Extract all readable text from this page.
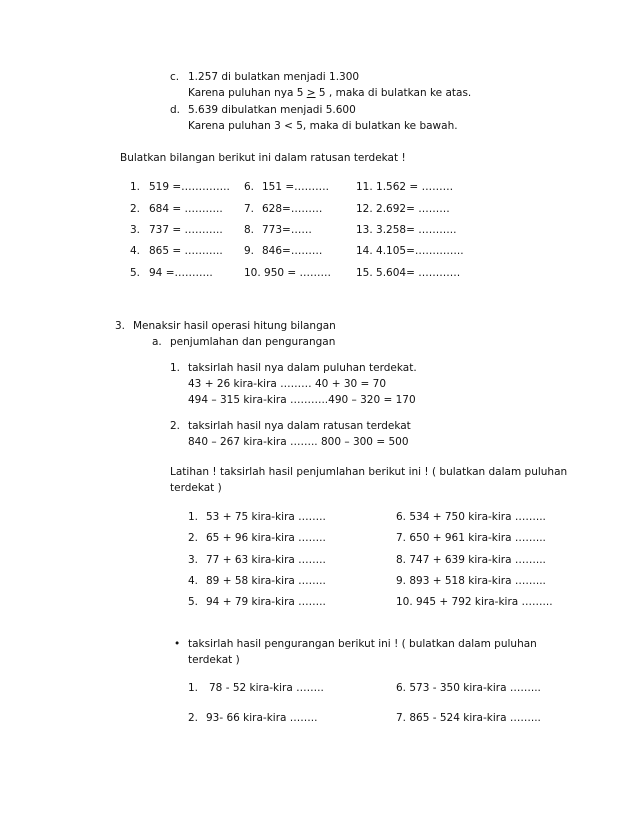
c. 1.257 di bulatkan menjadi 1.300
Karena puluhan nya 5 ≥ 5 , maka di bulatkan ke atas.
d. 5.639 dibulatkan menjadi 5.600
Karena puluhan 3 < 5, maka di bulatkan ke bawah.
Bulatkan bilangan berikut ini dalam ratusan terdekat !
1. 519 =………….. 6. 151 =……….	11. 1.562 = ………
2. 684 = ……….. 7. 628=………	12. 2.692= ………
3. 737 = ……….. 8. 773=……	13. 3.258= ………..
4. 865 = ……….. 9. 846=………	14. 4.105=…………..
5. 94 =………..	10. 950 = ……… 15. 5.604= …………
3. Menaksir hasil operasi hitung bilangan
a. penjumlahan dan pengurangan
1. taksirlah hasil nya dalam puluhan terdekat.
43 + 26 kira-kira ……… 40 + 30 = 70
494 – 315 kira-kira ………..490 – 320 = 170
2. taksirlah hasil nya dalam ratusan terdekat
840 – 267 kira-kira …….. 800 – 300 = 500
Latihan ! taksirlah hasil penjumlahan berikut ini ! ( bulatkan dalam puluhan
terdekat )
1. 53 + 75 kira-kira ……..	6. 534 + 750 kira-kira ……...
2. 65 + 96 kira-kira ……..	7. 650 + 961 kira-kira ……...
3. 77 + 63 kira-kira ……..	8. 747 + 639 kira-kira ……...
4. 89 + 58 kira-kira ……..	9. 893 + 518 kira-kira ……...
5. 94 + 79 kira-kira ……..	10. 945 + 792 kira-kira ……...
• taksirlah hasil pengurangan berikut ini ! ( bulatkan dalam puluhan
terdekat )
1. 78 - 52 kira-kira ……..	6. 573 - 350 kira-kira ……...
2. 93- 66 kira-kira ……..	7. 865 - 524 kira-kira ……...
